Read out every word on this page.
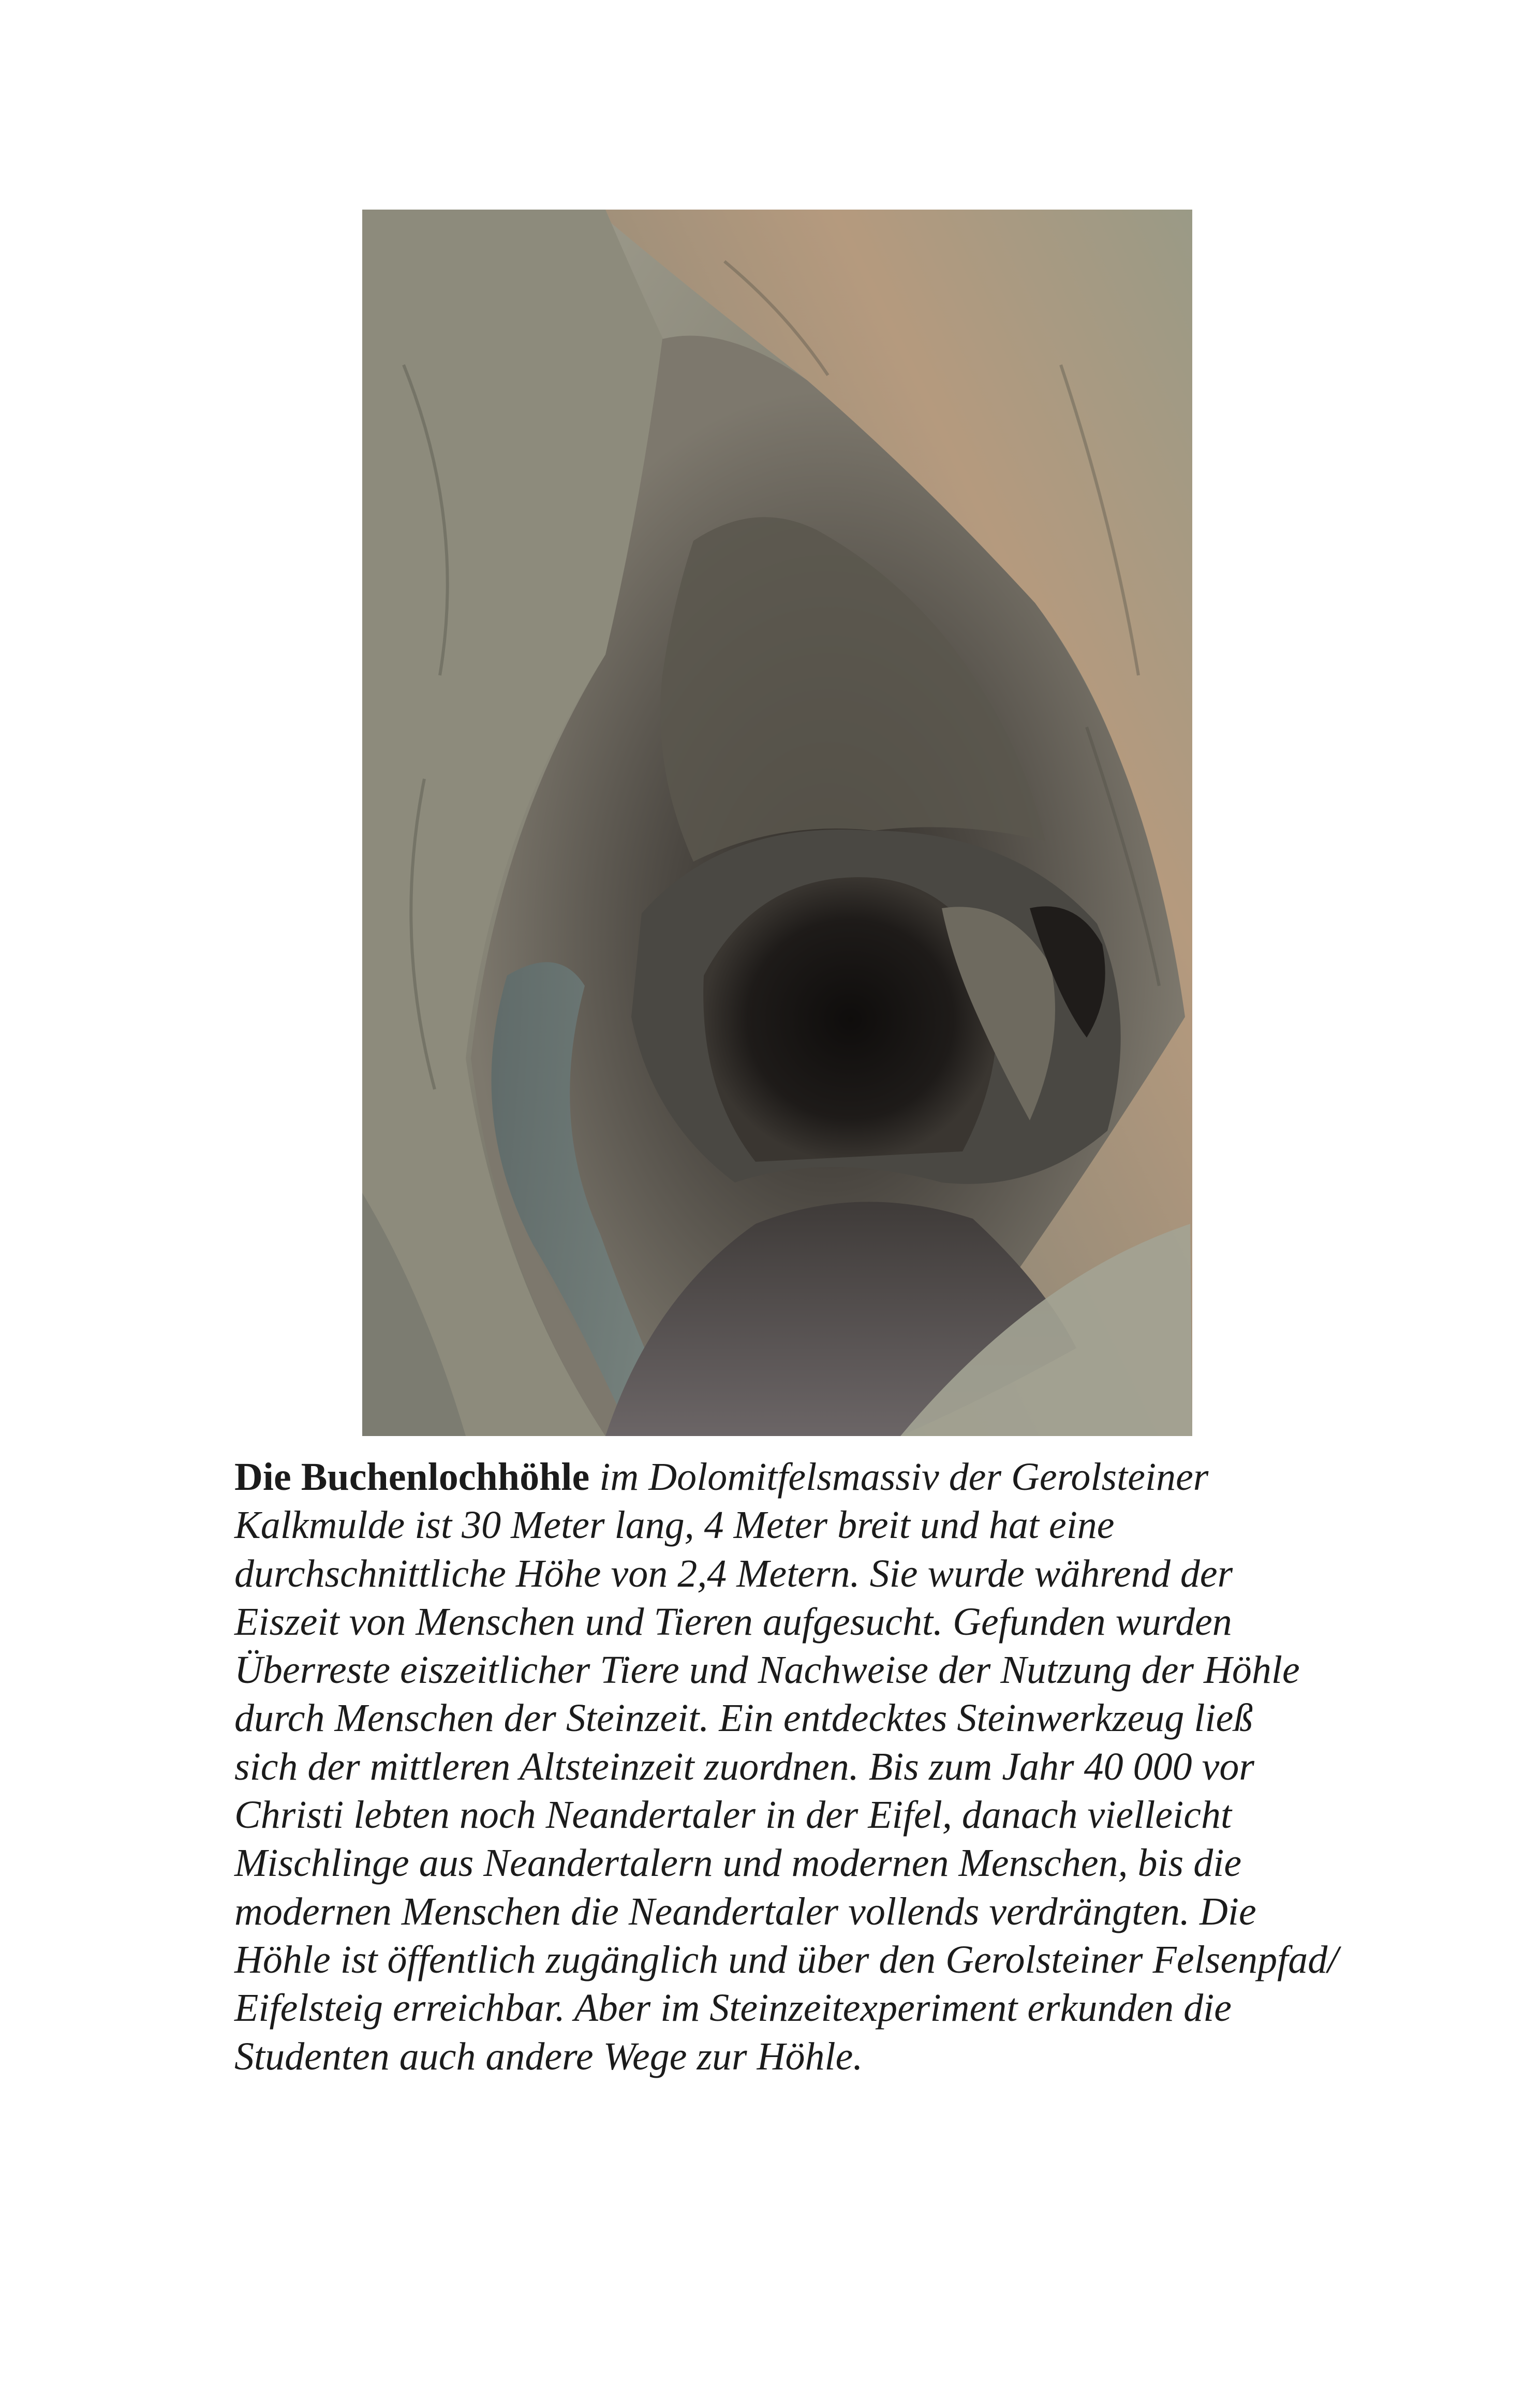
Die Buchenlochhöhle im Dolomitfelsmassiv der Gerolsteiner
Kalkmulde ist 30 Meter lang, 4 Meter breit und hat eine
durchschnittliche Höhe von 2,4 Metern. Sie wurde während der
Eiszeit von Menschen und Tieren aufgesucht. Gefunden wurden
Überreste eiszeitlicher Tiere und Nachweise der Nutzung der Höhle
durch Menschen der Steinzeit. Ein entdecktes Steinwerkzeug ließ
sich der mittleren Altsteinzeit zuordnen. Bis zum Jahr 40 000 vor
Christi lebten noch Neandertaler in der Eifel, danach vielleicht
Mischlinge aus Neandertalern und modernen Menschen, bis die
modernen Menschen die Neandertaler vollends verdrängten. Die
Höhle ist öffentlich zugänglich und über den Gerolsteiner Felsenpfad/
Eifelsteig erreichbar. Aber im Steinzeitexperiment erkunden die
Studenten auch andere Wege zur Höhle.
